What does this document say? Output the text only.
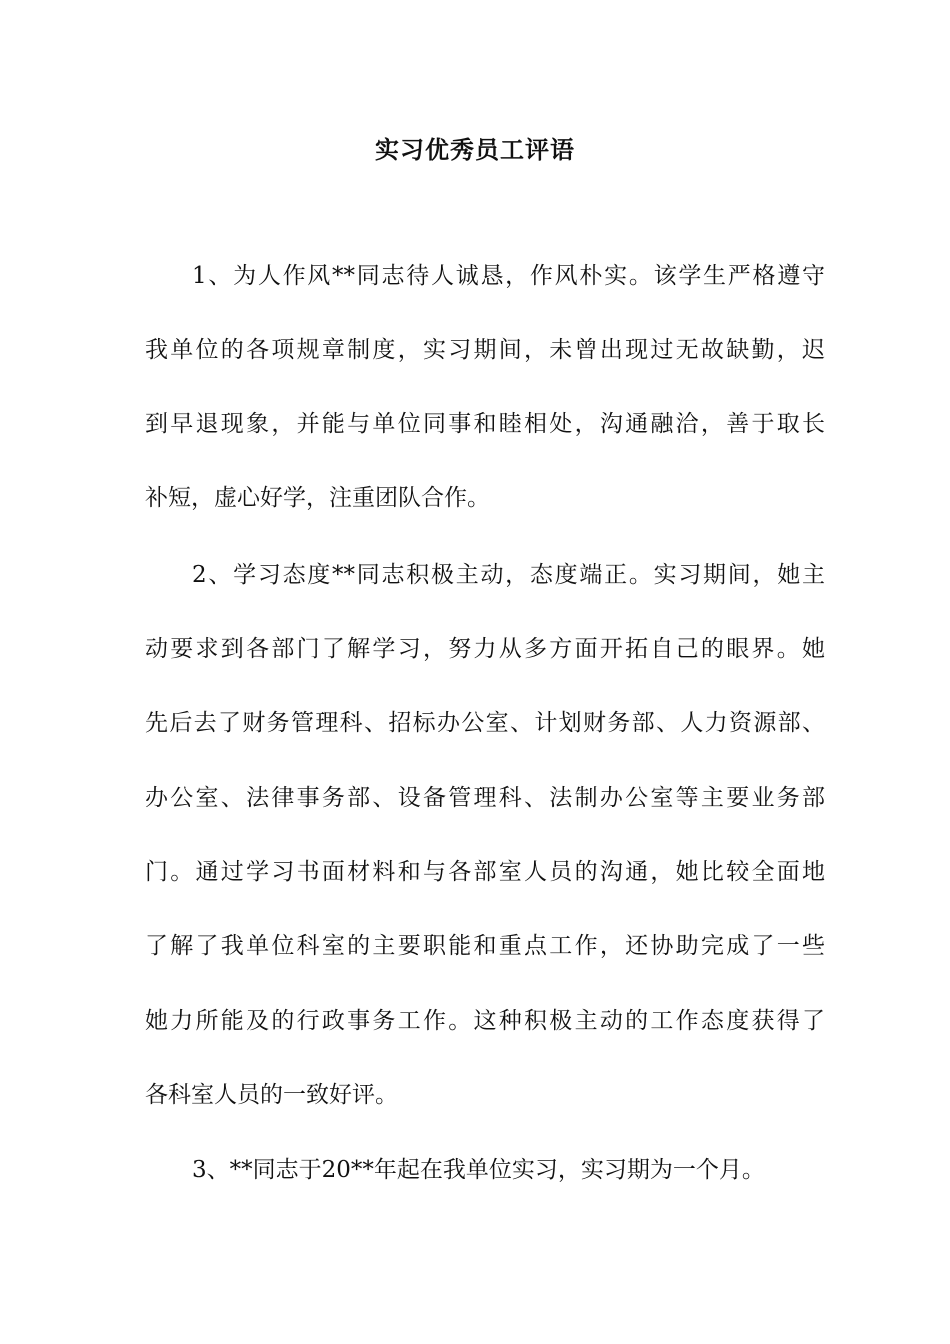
实习优秀员工评语
1、为人作风**同志待人诚恳，作风朴实。该学生严格遵守
我单位的各项规章制度，实习期间，未曾出现过无故缺勤，迟
到早退现象，并能与单位同事和睦相处，沟通融洽，善于取长
补短，虚心好学，注重团队合作。
2、学习态度**同志积极主动，态度端正。实习期间，她主
动要求到各部门了解学习，努力从多方面开拓自己的眼界。她
先后去了财务管理科、招标办公室、计划财务部、人力资源部、
办公室、法律事务部、设备管理科、法制办公室等主要业务部
门。通过学习书面材料和与各部室人员的沟通，她比较全面地
了解了我单位科室的主要职能和重点工作，还协助完成了一些
她力所能及的行政事务工作。这种积极主动的工作态度获得了
各科室人员的一致好评。
3、**同志于20**年起在我单位实习，实习期为一个月。
